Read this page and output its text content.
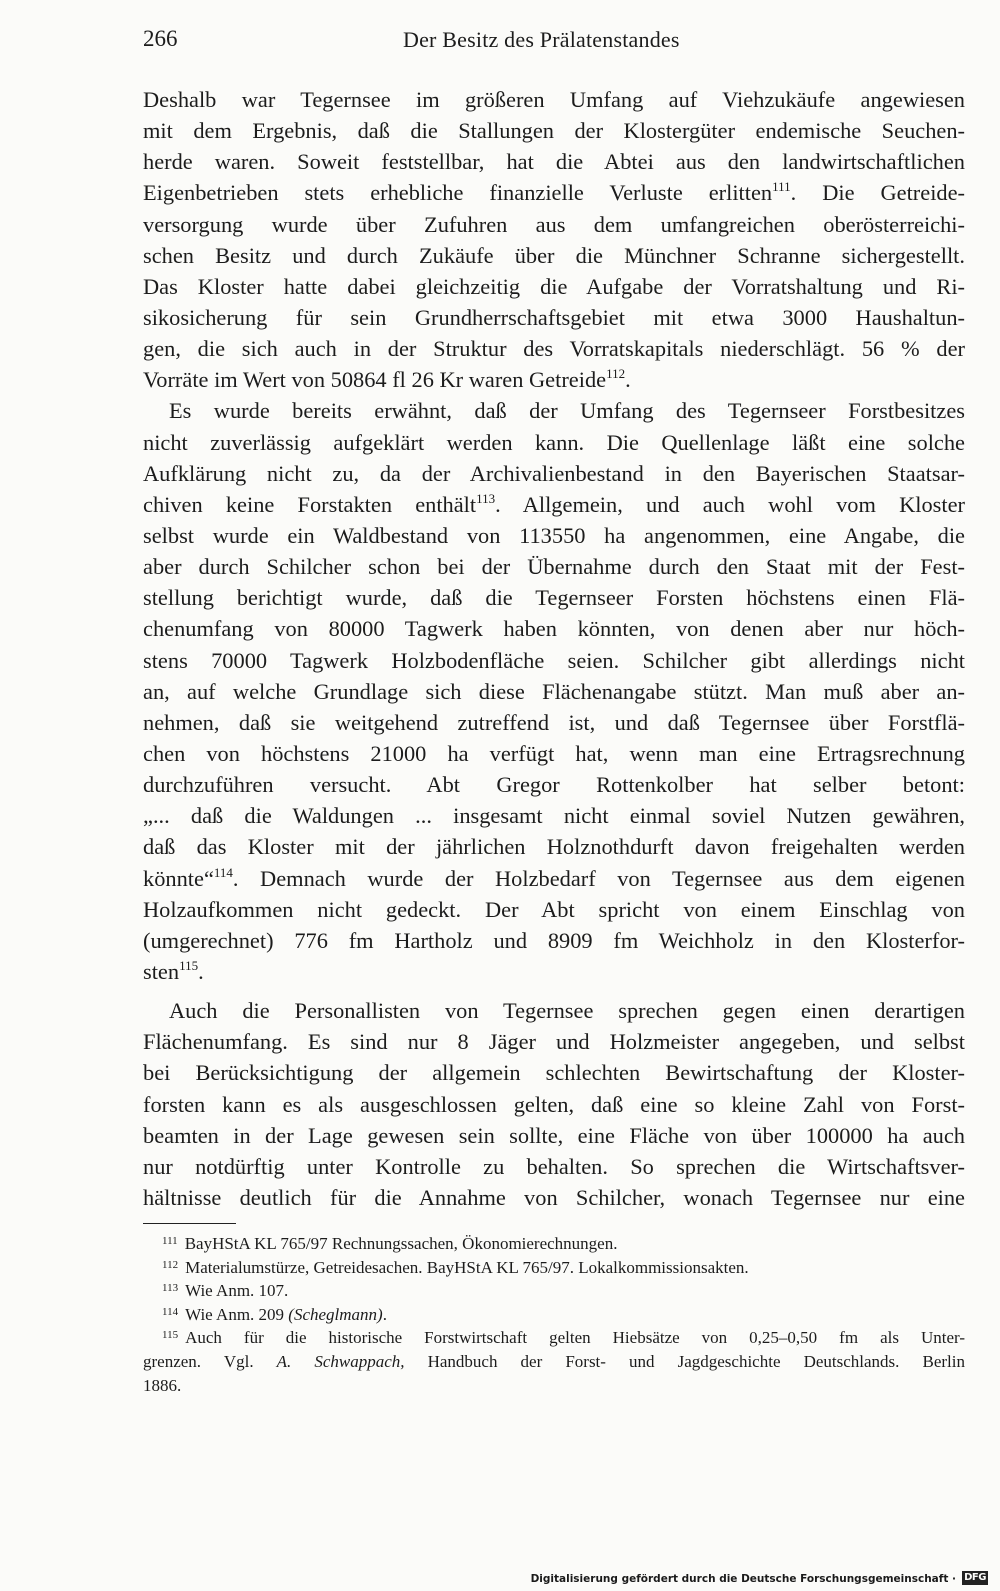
266	Der Besitz des Prälatenstandes
Deshalb war Tegernsee im größeren Umfang auf Viehzukäufe angewiesen
mit dem Ergebnis, daß die Stallungen der Klostergüter endemische Seuchen-
herde waren. Soweit feststellbar, hat die Abtei aus den landwirtschaftlichen
Eigenbetrieben stets erhebliche finanzielle Verluste erlitten$^{111}$. Die Getreide-
versorgung wurde über Zufuhren aus dem umfangreichen oberösterreichi-
schen Besitz und durch Zukäufe über die Münchner Schranne sichergestellt.
Das Kloster hatte dabei gleichzeitig die Aufgabe der Vorratshaltung und Ri-
sikosicherung für sein Grundherrschaftsgebiet mit etwa 3000 Haushaltun-
gen, die sich auch in der Struktur des Vorratskapitals niederschlägt. 56 % der
Vorräte im Wert von 50864 fl 26 Kr waren Getreide$^{112}$.
Es wurde bereits erwähnt, daß der Umfang des Tegernseer Forstbesitzes
nicht zuverlässig aufgeklärt werden kann. Die Quellenlage läßt eine solche
Aufklärung nicht zu, da der Archivalienbestand in den Bayerischen Staatsar-
chiven keine Forstakten enthält$^{113}$. Allgemein, und auch wohl vom Kloster
selbst wurde ein Waldbestand von 113550 ha angenommen, eine Angabe, die
aber durch Schilcher schon bei der Übernahme durch den Staat mit der Fest-
stellung berichtigt wurde, daß die Tegernseer Forsten höchstens einen Flä-
chenumfang von 80000 Tagwerk haben könnten, von denen aber nur höch-
stens 70000 Tagwerk Holzbodenfläche seien. Schilcher gibt allerdings nicht
an, auf welche Grundlage sich diese Flächenangabe stützt. Man muß aber an-
nehmen, daß sie weitgehend zutreffend ist, und daß Tegernsee über Forstflä-
chen von höchstens 21000 ha verfügt hat, wenn man eine Ertragsrechnung
durchzuführen versucht. Abt Gregor Rottenkolber hat selber betont:
„... daß die Waldungen ... insgesamt nicht einmal soviel Nutzen gewähren,
daß das Kloster mit der jährlichen Holznothdurft davon freigehalten werden
könnte“$^{114}$. Demnach wurde der Holzbedarf von Tegernsee aus dem eigenen
Holzaufkommen nicht gedeckt. Der Abt spricht von einem Einschlag von
(umgerechnet) 776 fm Hartholz und 8909 fm Weichholz in den Klosterfor-
sten$^{115}$.
Auch die Personallisten von Tegernsee sprechen gegen einen derartigen
Flächenumfang. Es sind nur 8 Jäger und Holzmeister angegeben, und selbst
bei Berücksichtigung der allgemein schlechten Bewirtschaftung der Kloster-
forsten kann es als ausgeschlossen gelten, daß eine so kleine Zahl von Forst-
beamten in der Lage gewesen sein sollte, eine Fläche von über 100000 ha auch
nur notdürftig unter Kontrolle zu behalten. So sprechen die Wirtschaftsver-
hältnisse deutlich für die Annahme von Schilcher, wonach Tegernsee nur eine
$^{111}$ BayHStA KL 765/97 Rechnungssachen, Ökonomierechnungen.
$^{112}$ Materialumstürze, Getreidesachen. BayHStA KL 765/97. Lokalkommissionsakten.
$^{113}$ Wie Anm. 107.
$^{114}$ Wie Anm. 209 (Scheglmann).
$^{115}$ Auch für die historische Forstwirtschaft gelten Hiebsätze von 0,25–0,50 fm als Unter-
grenzen. Vgl. A. Schwappach, Handbuch der Forst- und Jagdgeschichte Deutschlands. Berlin
1886.
Digitalisierung gefördert durch die Deutsche Forschungsgemeinschaft · DFG
